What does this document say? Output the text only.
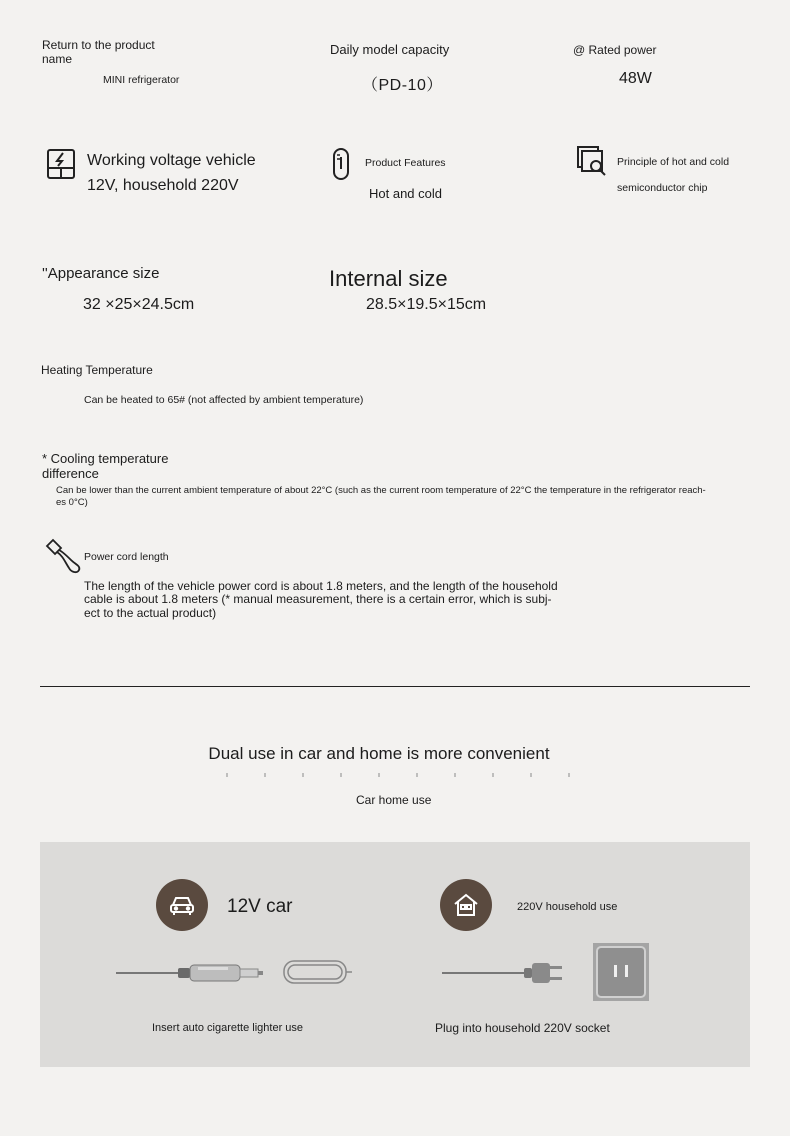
Return to the product name
MINI refrigerator
Daily model capacity
（PD-10）
@ Rated power
48W
Working voltage vehicle
12V, household 220V
Product Features
Hot and cold
Principle of hot and cold
semiconductor chip
''Appearance size
32 ×25×24.5cm
Internal size
28.5×19.5×15cm
Heating Temperature
Can be heated to 65# (not affected by ambient temperature)
* Cooling temperature
difference
Can be lower than the current ambient temperature of about 22°C (such as the current room temperature of 22°C the temperature in the refrigerator reach-
es 0°C)
Power cord length
The length of the vehicle power cord is about 1.8 meters, and the length of the household
cable is about 1.8 meters (* manual measurement, there is a certain error, which is subj-
ect to the actual product)
Dual use in car and home is more convenient
Car home use
12V car
Insert auto cigarette lighter use
220V household use
Plug into household 220V socket
